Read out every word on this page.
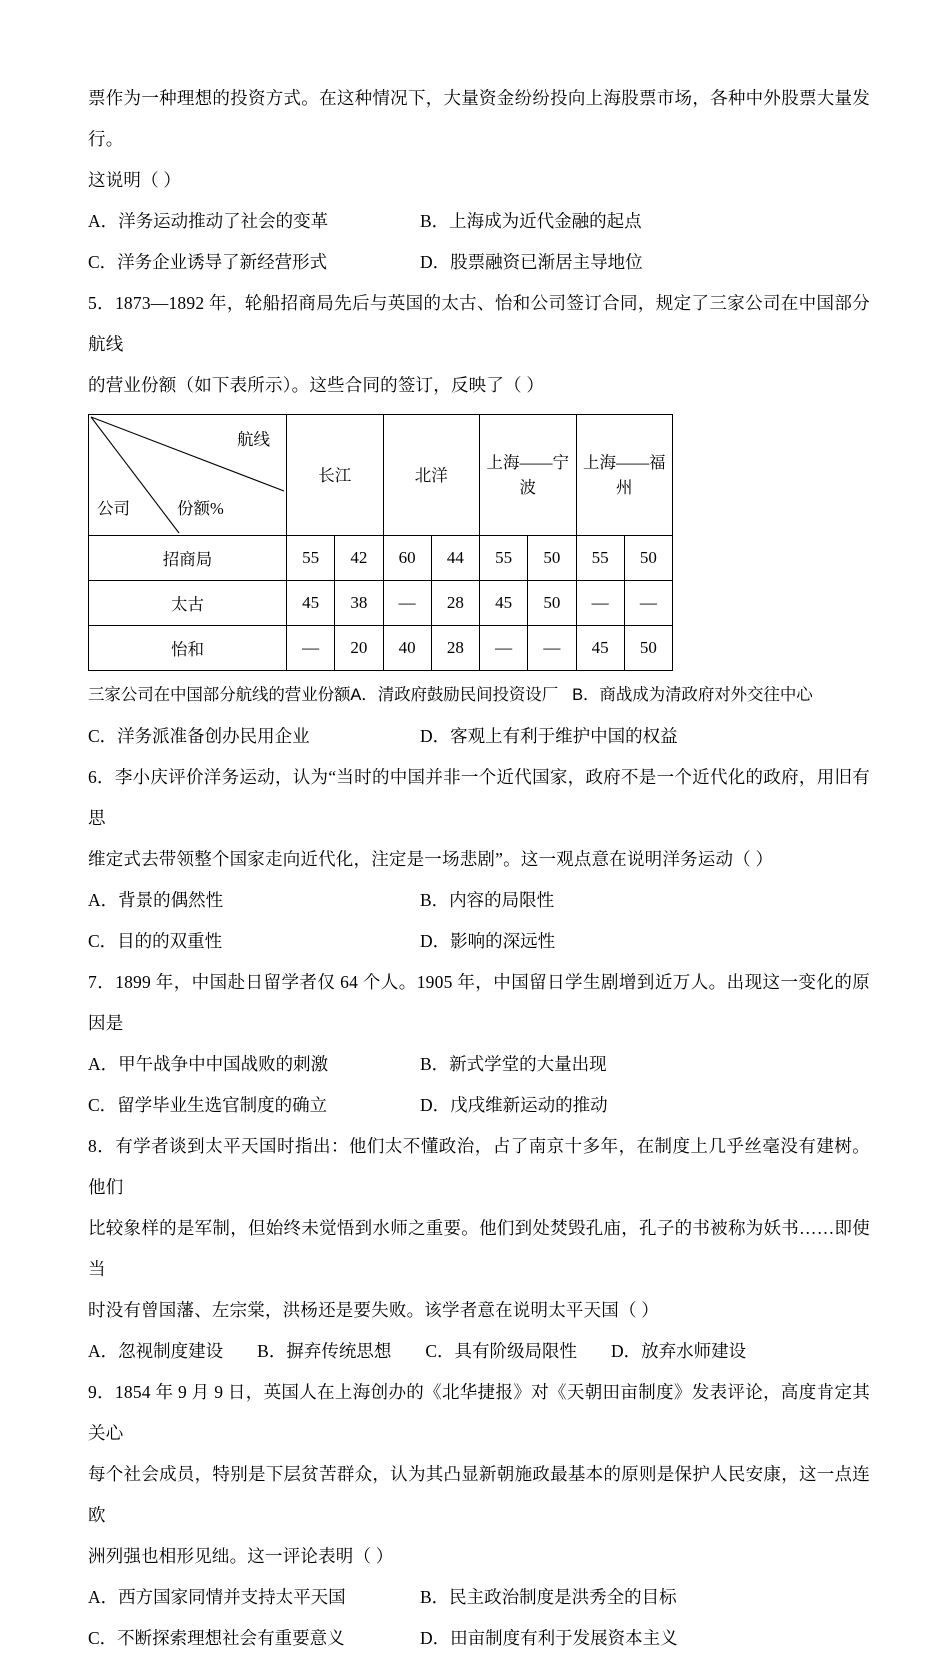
票作为一种理想的投资方式。在这种情况下，大量资金纷纷投向上海股票市场，各种中外股票大量发行。

这说明（ ）

A．洋务运动推动了社会的变革	B．上海成为近代金融的起点
C．洋务企业诱导了新经营形式	D．股票融资已渐居主导地位

5．1873—1892 年，轮船招商局先后与英国的太古、怡和公司签订合同，规定了三家公司在中国部分航线

的营业份额（如下表所示）。这些合同的签订，反映了（ ）

航线
份额%
公司	长江		北洋		上海——宁波		上海——福州	
招商局	55	42	60	44	55	50	55	50
太古	45	38	—	28	45	50	—	—
怡和	—	20	40	28	—	—	45	50

三家公司在中国部分航线的营业份额A．清政府鼓励民间投资设厂 B．商战成为清政府对外交往中心

C．洋务派准备创办民用企业	D．客观上有利于维护中国的权益

6．李小庆评价洋务运动，认为“当时的中国并非一个近代国家，政府不是一个近代化的政府，用旧有思

维定式去带领整个国家走向近代化，注定是一场悲剧”。这一观点意在说明洋务运动（ ）

A．背景的偶然性	B．内容的局限性
C．目的的双重性	D．影响的深远性

7．1899 年，中国赴日留学者仅 64 个人。1905 年，中国留日学生剧增到近万人。出现这一变化的原因是

A．甲午战争中中国战败的刺激	B．新式学堂的大量出现
C．留学毕业生选官制度的确立	D．戊戌维新运动的推动

8．有学者谈到太平天国时指出：他们太不懂政治，占了南京十多年，在制度上几乎丝毫没有建树。他们

比较象样的是军制，但始终未觉悟到水师之重要。他们到处焚毁孔庙，孔子的书被称为妖书……即使当

时没有曾国藩、左宗棠，洪杨还是要失败。该学者意在说明太平天国（ ）

A．忽视制度建设 B．摒弃传统思想 C．具有阶级局限性 D．放弃水师建设

9．1854 年 9 月 9 日，英国人在上海创办的《北华捷报》对《天朝田亩制度》发表评论，高度肯定其关心

每个社会成员，特别是下层贫苦群众，认为其凸显新朝施政最基本的原则是保护人民安康，这一点连欧

洲列强也相形见绌。这一评论表明（ ）

A．西方国家同情并支持太平天国	B．民主政治制度是洪秀全的目标
C．不断探索理想社会有重要意义	D．田亩制度有利于发展资本主义
